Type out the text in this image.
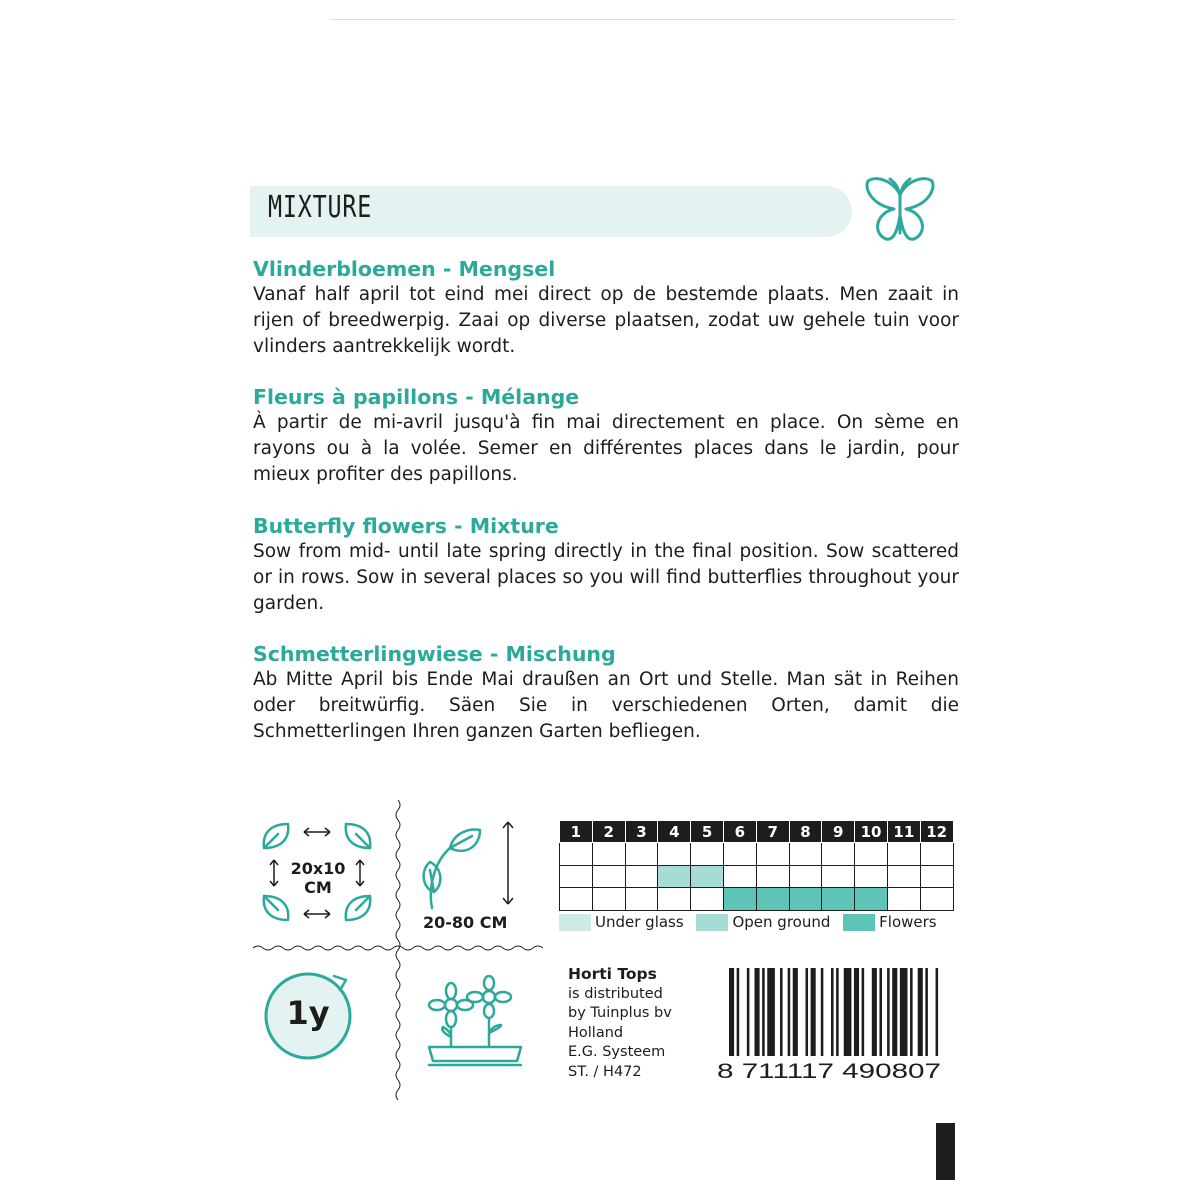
MIXTURE
Vlinderbloemen - Mengsel

Vanaf half april tot eind mei direct op de bestemde plaats. Men zaait in rijen of breedwerpig. Zaai op diverse plaatsen, zodat uw gehele tuin voor vlinders aantrekkelijk wordt.

Fleurs à papillons - Mélange

À partir de mi-avril jusqu'à fin mai directement en place. On sème en rayons ou à la volée. Semer en différentes places dans le jardin, pour mieux profiter des papillons.

Butterfly flowers - Mixture

Sow from mid- until late spring directly in the final position. Sow scattered or in rows. Sow in several places so you will find butterflies throughout your garden.

Schmetterlingwiese - Mischung

Ab Mitte April bis Ende Mai draußen an Ort und Stelle. Man sät in Reihen oder breitwürfig. Säen Sie in verschiedenen Orten, damit die Schmetterlingen Ihren ganzen Garten befliegen.

20x10
CM
20-80 CM
1y
1	2	3	4	5	6	7	8	9	10	11	12

Under glass	Open ground	Flowers
Horti Tops
is distributed
by Tuinplus bv
Holland
E.G. Systeem
ST. / H472	8 711117 490807
